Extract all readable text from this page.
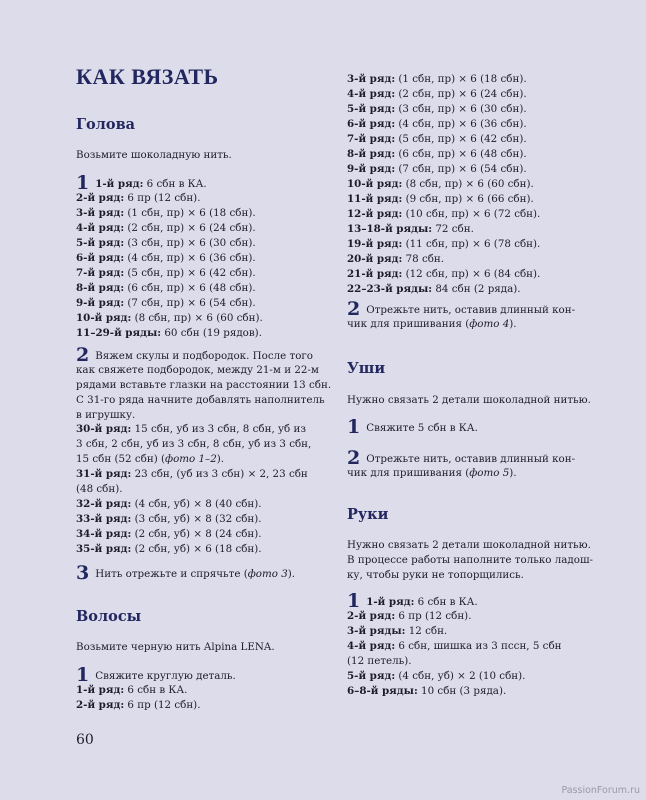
КАК ВЯЗАТЬ
Голова
Возьмите шоколадную нить.
1 1-й ряд: 6 сбн в КА.
2-й ряд: 6 пр (12 сбн).
3-й ряд: (1 сбн, пр) × 6 (18 сбн).
4-й ряд: (2 сбн, пр) × 6 (24 сбн).
5-й ряд: (3 сбн, пр) × 6 (30 сбн).
6-й ряд: (4 сбн, пр) × 6 (36 сбн).
7-й ряд: (5 сбн, пр) × 6 (42 сбн).
8-й ряд: (6 сбн, пр) × 6 (48 сбн).
9-й ряд: (7 сбн, пр) × 6 (54 сбн).
10-й ряд: (8 сбн, пр) × 6 (60 сбн).
11–29-й ряды: 60 сбн (19 рядов).
2 Вяжем скулы и подбородок. После того
как свяжете подбородок, между 21-м и 22-м
рядами вставьте глазки на расстоянии 13 сбн.
С 31-го ряда начните добавлять наполнитель
в игрушку.
30-й ряд: 15 сбн, уб из 3 сбн, 8 сбн, уб из
3 сбн, 2 сбн, уб из 3 сбн, 8 сбн, уб из 3 сбн,
15 сбн (52 сбн) (фото 1–2).
31-й ряд: 23 сбн, (уб из 3 сбн) × 2, 23 сбн
(48 сбн).
32-й ряд: (4 сбн, уб) × 8 (40 сбн).
33-й ряд: (3 сбн, уб) × 8 (32 сбн).
34-й ряд: (2 сбн, уб) × 8 (24 сбн).
35-й ряд: (2 сбн, уб) × 6 (18 сбн).
3 Нить отрежьте и спрячьте (фото 3).
Волосы
Возьмите черную нить Alpina LENA.
1 Свяжите круглую деталь.
1-й ряд: 6 сбн в КА.
2-й ряд: 6 пр (12 сбн).
60
3-й ряд: (1 сбн, пр) × 6 (18 сбн).
4-й ряд: (2 сбн, пр) × 6 (24 сбн).
5-й ряд: (3 сбн, пр) × 6 (30 сбн).
6-й ряд: (4 сбн, пр) × 6 (36 сбн).
7-й ряд: (5 сбн, пр) × 6 (42 сбн).
8-й ряд: (6 сбн, пр) × 6 (48 сбн).
9-й ряд: (7 сбн, пр) × 6 (54 сбн).
10-й ряд: (8 сбн, пр) × 6 (60 сбн).
11-й ряд: (9 сбн, пр) × 6 (66 сбн).
12-й ряд: (10 сбн, пр) × 6 (72 сбн).
13–18-й ряды: 72 сбн.
19-й ряд: (11 сбн, пр) × 6 (78 сбн).
20-й ряд: 78 сбн.
21-й ряд: (12 сбн, пр) × 6 (84 сбн).
22–23-й ряды: 84 сбн (2 ряда).
2 Отрежьте нить, оставив длинный кон-
чик для пришивания (фото 4).
Уши
Нужно связать 2 детали шоколадной нитью.
1 Свяжите 5 сбн в КА.
2 Отрежьте нить, оставив длинный кон-
чик для пришивания (фото 5).
Руки
Нужно связать 2 детали шоколадной нитью.
В процессе работы наполните только ладош-
ку, чтобы руки не топорщились.
1 1-й ряд: 6 сбн в КА.
2-й ряд: 6 пр (12 сбн).
3-й ряды: 12 сбн.
4-й ряд: 6 сбн, шишка из 3 пссн, 5 сбн
(12 петель).
5-й ряд: (4 сбн, уб) × 2 (10 сбн).
6–8-й ряды: 10 сбн (3 ряда).
PassionForum.ru
